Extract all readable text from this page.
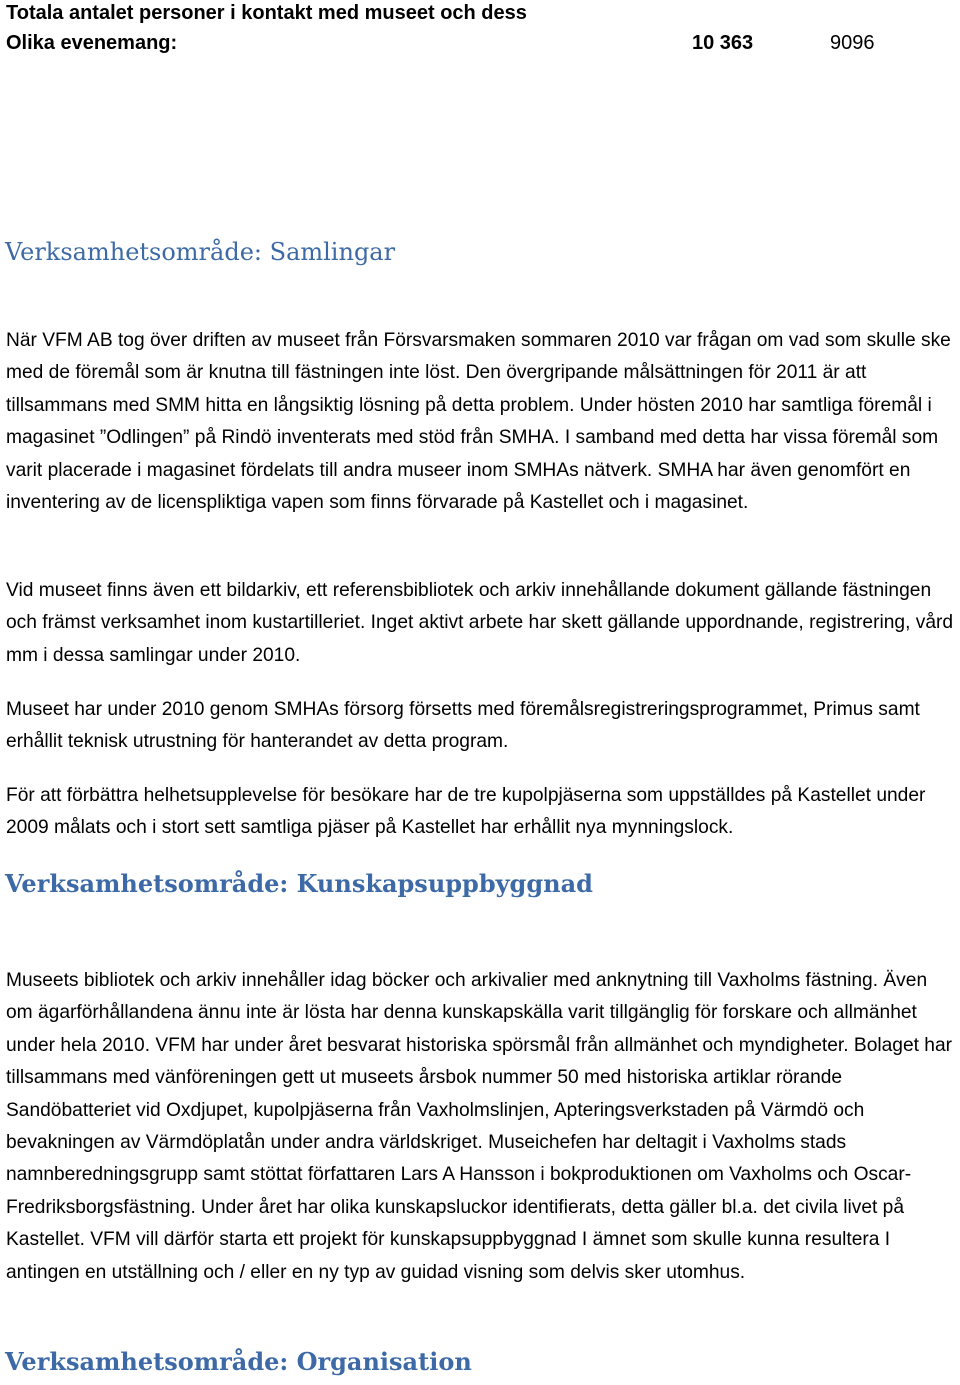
Totala antalet personer i kontakt med museet och dess
Olika evenemang:	10 363	9096
Verksamhetsområde: Samlingar

När VFM AB tog över driften av museet från Försvarsmaken sommaren 2010 var frågan om vad som skulle ske med de föremål som är knutna till fästningen inte löst. Den övergripande målsättningen för 2011 är att tillsammans med SMM hitta en långsiktig lösning på detta problem. Under hösten 2010 har samtliga föremål i magasinet ”Odlingen” på Rindö inventerats med stöd från SMHA. I samband med detta har vissa föremål som varit placerade i magasinet fördelats till andra museer inom SMHAs nätverk. SMHA har även genomfört en inventering av de licenspliktiga vapen som finns förvarade på Kastellet och i magasinet.

Vid museet finns även ett bildarkiv, ett referensbibliotek och arkiv innehållande dokument gällande fästningen och främst verksamhet inom kustartilleriet. Inget aktivt arbete har skett gällande uppordnande, registrering, vård mm i dessa samlingar under 2010.

Museet har under 2010 genom SMHAs försorg försetts med föremålsregistreringsprogrammet, Primus samt erhållit teknisk utrustning för hanterandet av detta program.

För att förbättra helhetsupplevelse för besökare har de tre kupolpjäserna som uppställdes på Kastellet under 2009 målats och i stort sett samtliga pjäser på Kastellet har erhållit nya mynningslock.

Verksamhetsområde: Kunskapsuppbyggnad

Museets bibliotek och arkiv innehåller idag böcker och arkivalier med anknytning till Vaxholms fästning. Även om ägarförhållandena ännu inte är lösta har denna kunskapskälla varit tillgänglig för forskare och allmänhet under hela 2010. VFM har under året besvarat historiska spörsmål från allmänhet och myndigheter. Bolaget har tillsammans med vänföreningen gett ut museets årsbok nummer 50 med historiska artiklar rörande Sandöbatteriet vid Oxdjupet, kupolpjäserna från Vaxholmslinjen, Apteringsverkstaden på Värmdö och bevakningen av Värmdöplatån under andra världskriget. Museichefen har deltagit i Vaxholms stads namnberedningsgrupp samt stöttat författaren Lars A Hansson i bokproduktionen om Vaxholms och Oscar-Fredriksborgsfästning. Under året har olika kunskapsluckor identifierats, detta gäller bl.a. det civila livet på Kastellet. VFM vill därför starta ett projekt för kunskapsuppbyggnad I ämnet som skulle kunna resultera I antingen en utställning och / eller en ny typ av guidad visning som delvis sker utomhus.

Verksamhetsområde: Organisation
